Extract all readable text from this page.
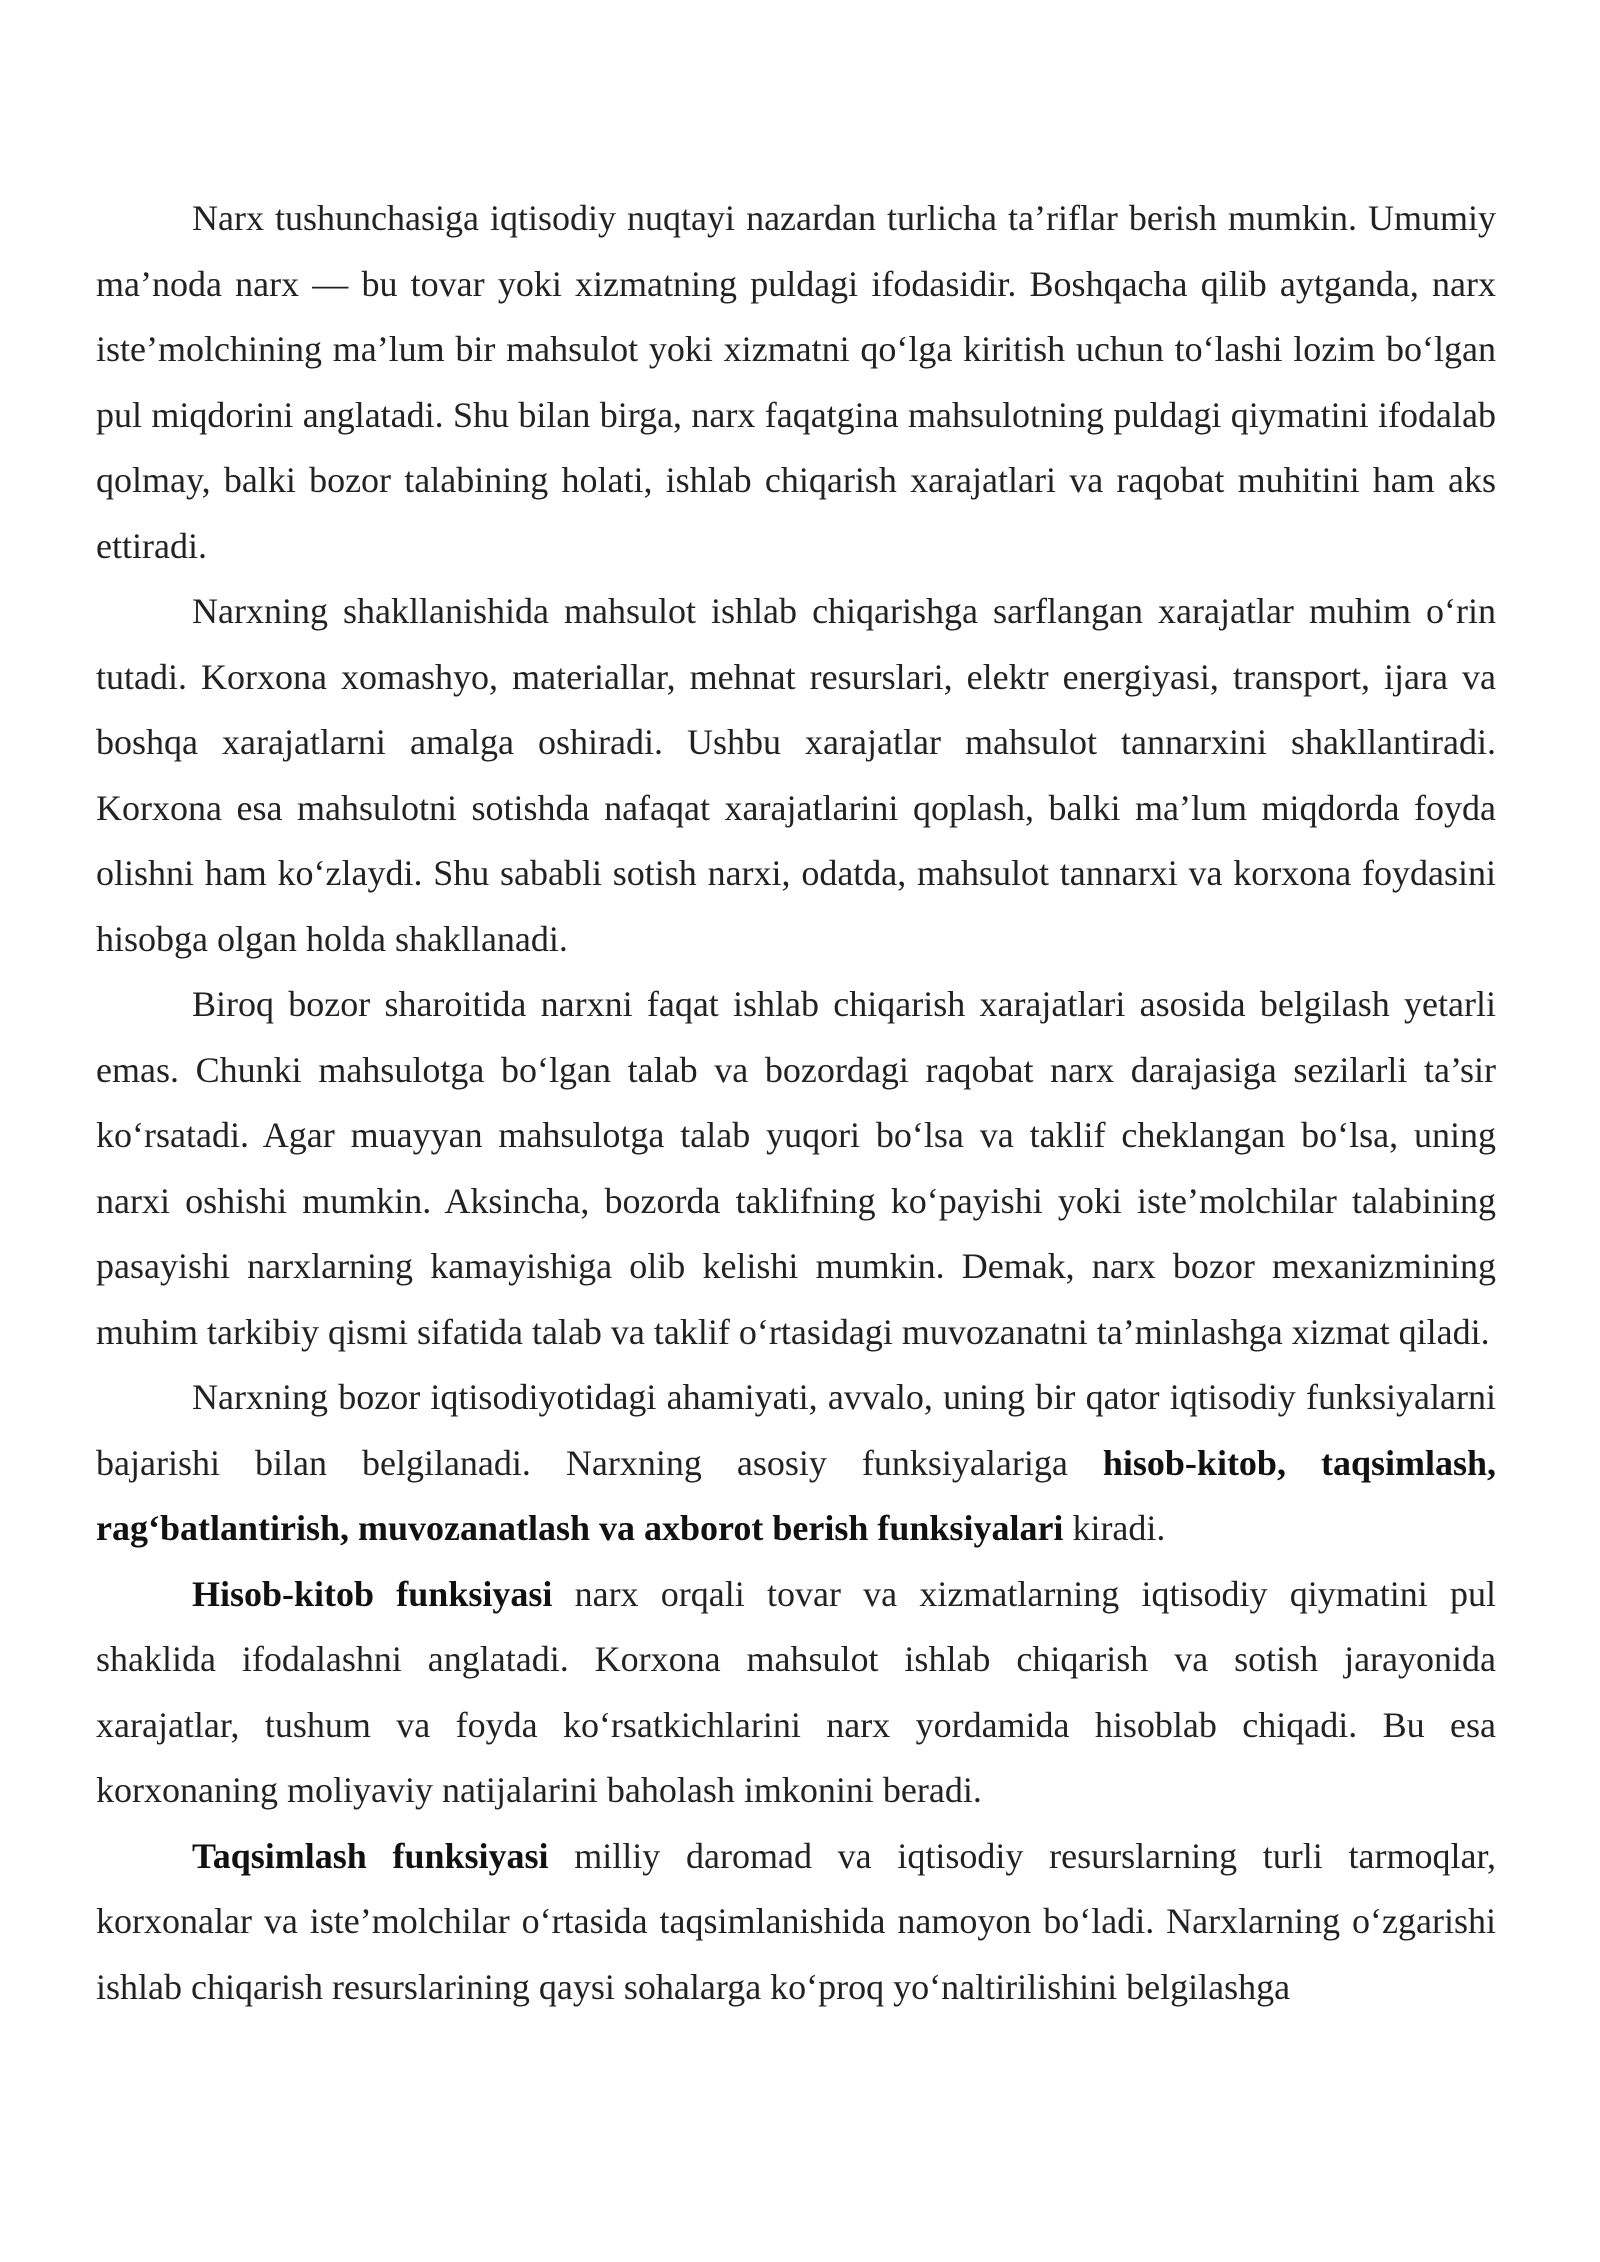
Narx tushunchasiga iqtisodiy nuqtayi nazardan turlicha ta’riflar berish mumkin. Umumiy ma’noda narx — bu tovar yoki xizmatning puldagi ifodasidir. Boshqacha qilib aytganda, narx iste’molchining ma’lum bir mahsulot yoki xizmatni qo‘lga kiritish uchun to‘lashi lozim bo‘lgan pul miqdorini anglatadi. Shu bilan birga, narx faqatgina mahsulotning puldagi qiymatini ifodalab qolmay, balki bozor talabining holati, ishlab chiqarish xarajatlari va raqobat muhitini ham aks ettiradi.

Narxning shakllanishida mahsulot ishlab chiqarishga sarflangan xarajatlar muhim o‘rin tutadi. Korxona xomashyo, materiallar, mehnat resurslari, elektr energiyasi, transport, ijara va boshqa xarajatlarni amalga oshiradi. Ushbu xarajatlar mahsulot tannarxini shakllantiradi. Korxona esa mahsulotni sotishda nafaqat xarajatlarini qoplash, balki ma’lum miqdorda foyda olishni ham ko‘zlaydi. Shu sababli sotish narxi, odatda, mahsulot tannarxi va korxona foydasini hisobga olgan holda shakllanadi.

Biroq bozor sharoitida narxni faqat ishlab chiqarish xarajatlari asosida belgilash yetarli emas. Chunki mahsulotga bo‘lgan talab va bozordagi raqobat narx darajasiga sezilarli ta’sir ko‘rsatadi. Agar muayyan mahsulotga talab yuqori bo‘lsa va taklif cheklangan bo‘lsa, uning narxi oshishi mumkin. Aksincha, bozorda taklifning ko‘payishi yoki iste’molchilar talabining pasayishi narxlarning kamayishiga olib kelishi mumkin. Demak, narx bozor mexanizmining muhim tarkibiy qismi sifatida talab va taklif o‘rtasidagi muvozanatni ta’minlashga xizmat qiladi.

Narxning bozor iqtisodiyotidagi ahamiyati, avvalo, uning bir qator iqtisodiy funksiyalarni bajarishi bilan belgilanadi. Narxning asosiy funksiyalariga hisob-kitob, taqsimlash, rag‘batlantirish, muvozanatlash va axborot berish funksiyalari kiradi.

Hisob-kitob funksiyasi narx orqali tovar va xizmatlarning iqtisodiy qiymatini pul shaklida ifodalashni anglatadi. Korxona mahsulot ishlab chiqarish va sotish jarayonida xarajatlar, tushum va foyda ko‘rsatkichlarini narx yordamida hisoblab chiqadi. Bu esa korxonaning moliyaviy natijalarini baholash imkonini beradi.

Taqsimlash funksiyasi milliy daromad va iqtisodiy resurslarning turli tarmoqlar, korxonalar va iste’molchilar o‘rtasida taqsimlanishida namoyon bo‘ladi. Narxlarning o‘zgarishi ishlab chiqarish resurslarining qaysi sohalarga ko‘proq yo‘naltirilishini belgilashga
